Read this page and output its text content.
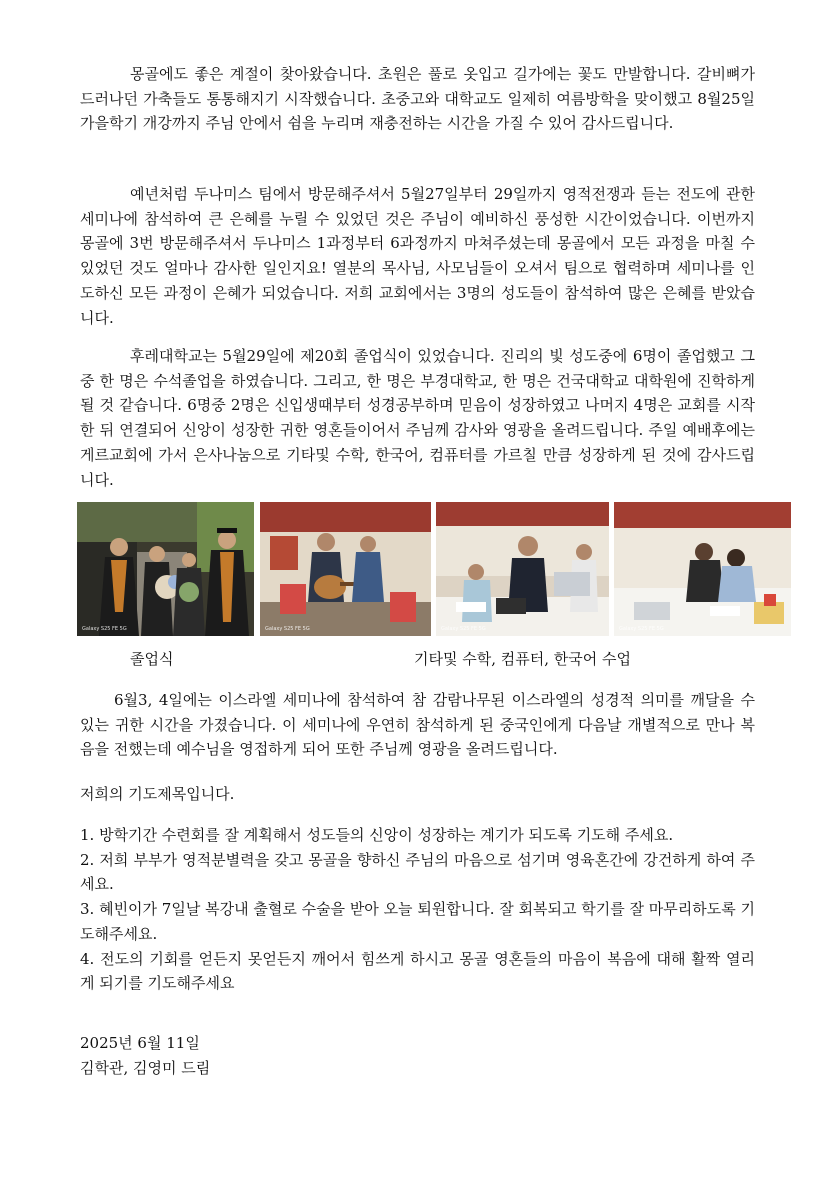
몽골에도 좋은 계절이 찾아왔습니다. 초원은 풀로 옷입고 길가에는 꽃도 만발합니다. 갈비뼈가 드러나던 가축들도 통통해지기 시작했습니다. 초중고와 대학교도 일제히 여름방학을 맞이했고 8월25일 가을학기 개강까지 주님 안에서 쉼을 누리며 재충전하는 시간을 가질 수 있어 감사드립니다.

예년처럼 두나미스 팀에서 방문해주셔서 5월27일부터 29일까지 영적전쟁과 듣는 전도에 관한 세미나에 참석하여 큰 은혜를 누릴 수 있었던 것은 주님이 예비하신 풍성한 시간이었습니다. 이번까지 몽골에 3번 방문해주셔서 두나미스 1과정부터 6과정까지 마쳐주셨는데 몽골에서 모든 과정을 마칠 수 있었던 것도 얼마나 감사한 일인지요! 열분의 목사님, 사모님들이 오셔서 팀으로 협력하며 세미나를 인도하신 모든 과정이 은혜가 되었습니다. 저희 교회에서는 3명의 성도들이 참석하여 많은 은혜를 받았습니다.

후레대학교는 5월29일에 제20회 졸업식이 있었습니다. 진리의 빛 성도중에 6명이 졸업했고 그 중 한 명은 수석졸업을 하였습니다. 그리고, 한 명은 부경대학교, 한 명은 건국대학교 대학원에 진학하게 될 것 같습니다. 6명중 2명은 신입생때부터 성경공부하며 믿음이 성장하였고 나머지 4명은 교회를 시작한 뒤 연결되어 신앙이 성장한 귀한 영혼들이어서 주님께 감사와 영광을 올려드립니다. 주일 예배후에는 게르교회에 가서 은사나눔으로 기타및 수학, 한국어, 컴퓨터를 가르칠 만큼 성장하게 된 것에 감사드립니다.

Galaxy S25 FE 5G	Galaxy S25 FE 5G	Galaxy S25 FE 5G	Galaxy S25 FE 5G
졸업식	기타및 수학, 컴퓨터, 한국어 수업

6월3, 4일에는 이스라엘 세미나에 참석하여 참 감람나무된 이스라엘의 성경적 의미를 깨달을 수 있는 귀한 시간을 가졌습니다. 이 세미나에 우연히 참석하게 된 중국인에게 다음날 개별적으로 만나 복음을 전했는데 예수님을 영접하게 되어 또한 주님께 영광을 올려드립니다.

저희의 기도제목입니다.

1. 방학기간 수련회를 잘 계획해서 성도들의 신앙이 성장하는 계기가 되도록 기도해 주세요.
2. 저희 부부가 영적분별력을 갖고 몽골을 향하신 주님의 마음으로 섬기며 영육혼간에 강건하게 하여 주세요.
3. 혜빈이가 7일날 복강내 출혈로 수술을 받아 오늘 퇴원합니다. 잘 회복되고 학기를 잘 마무리하도록 기도해주세요.
4. 전도의 기회를 얻든지 못얻든지 깨어서 힘쓰게 하시고 몽골 영혼들의 마음이 복음에 대해 활짝 열리게 되기를 기도해주세요
2025년 6월 11일
김학관, 김영미 드림
